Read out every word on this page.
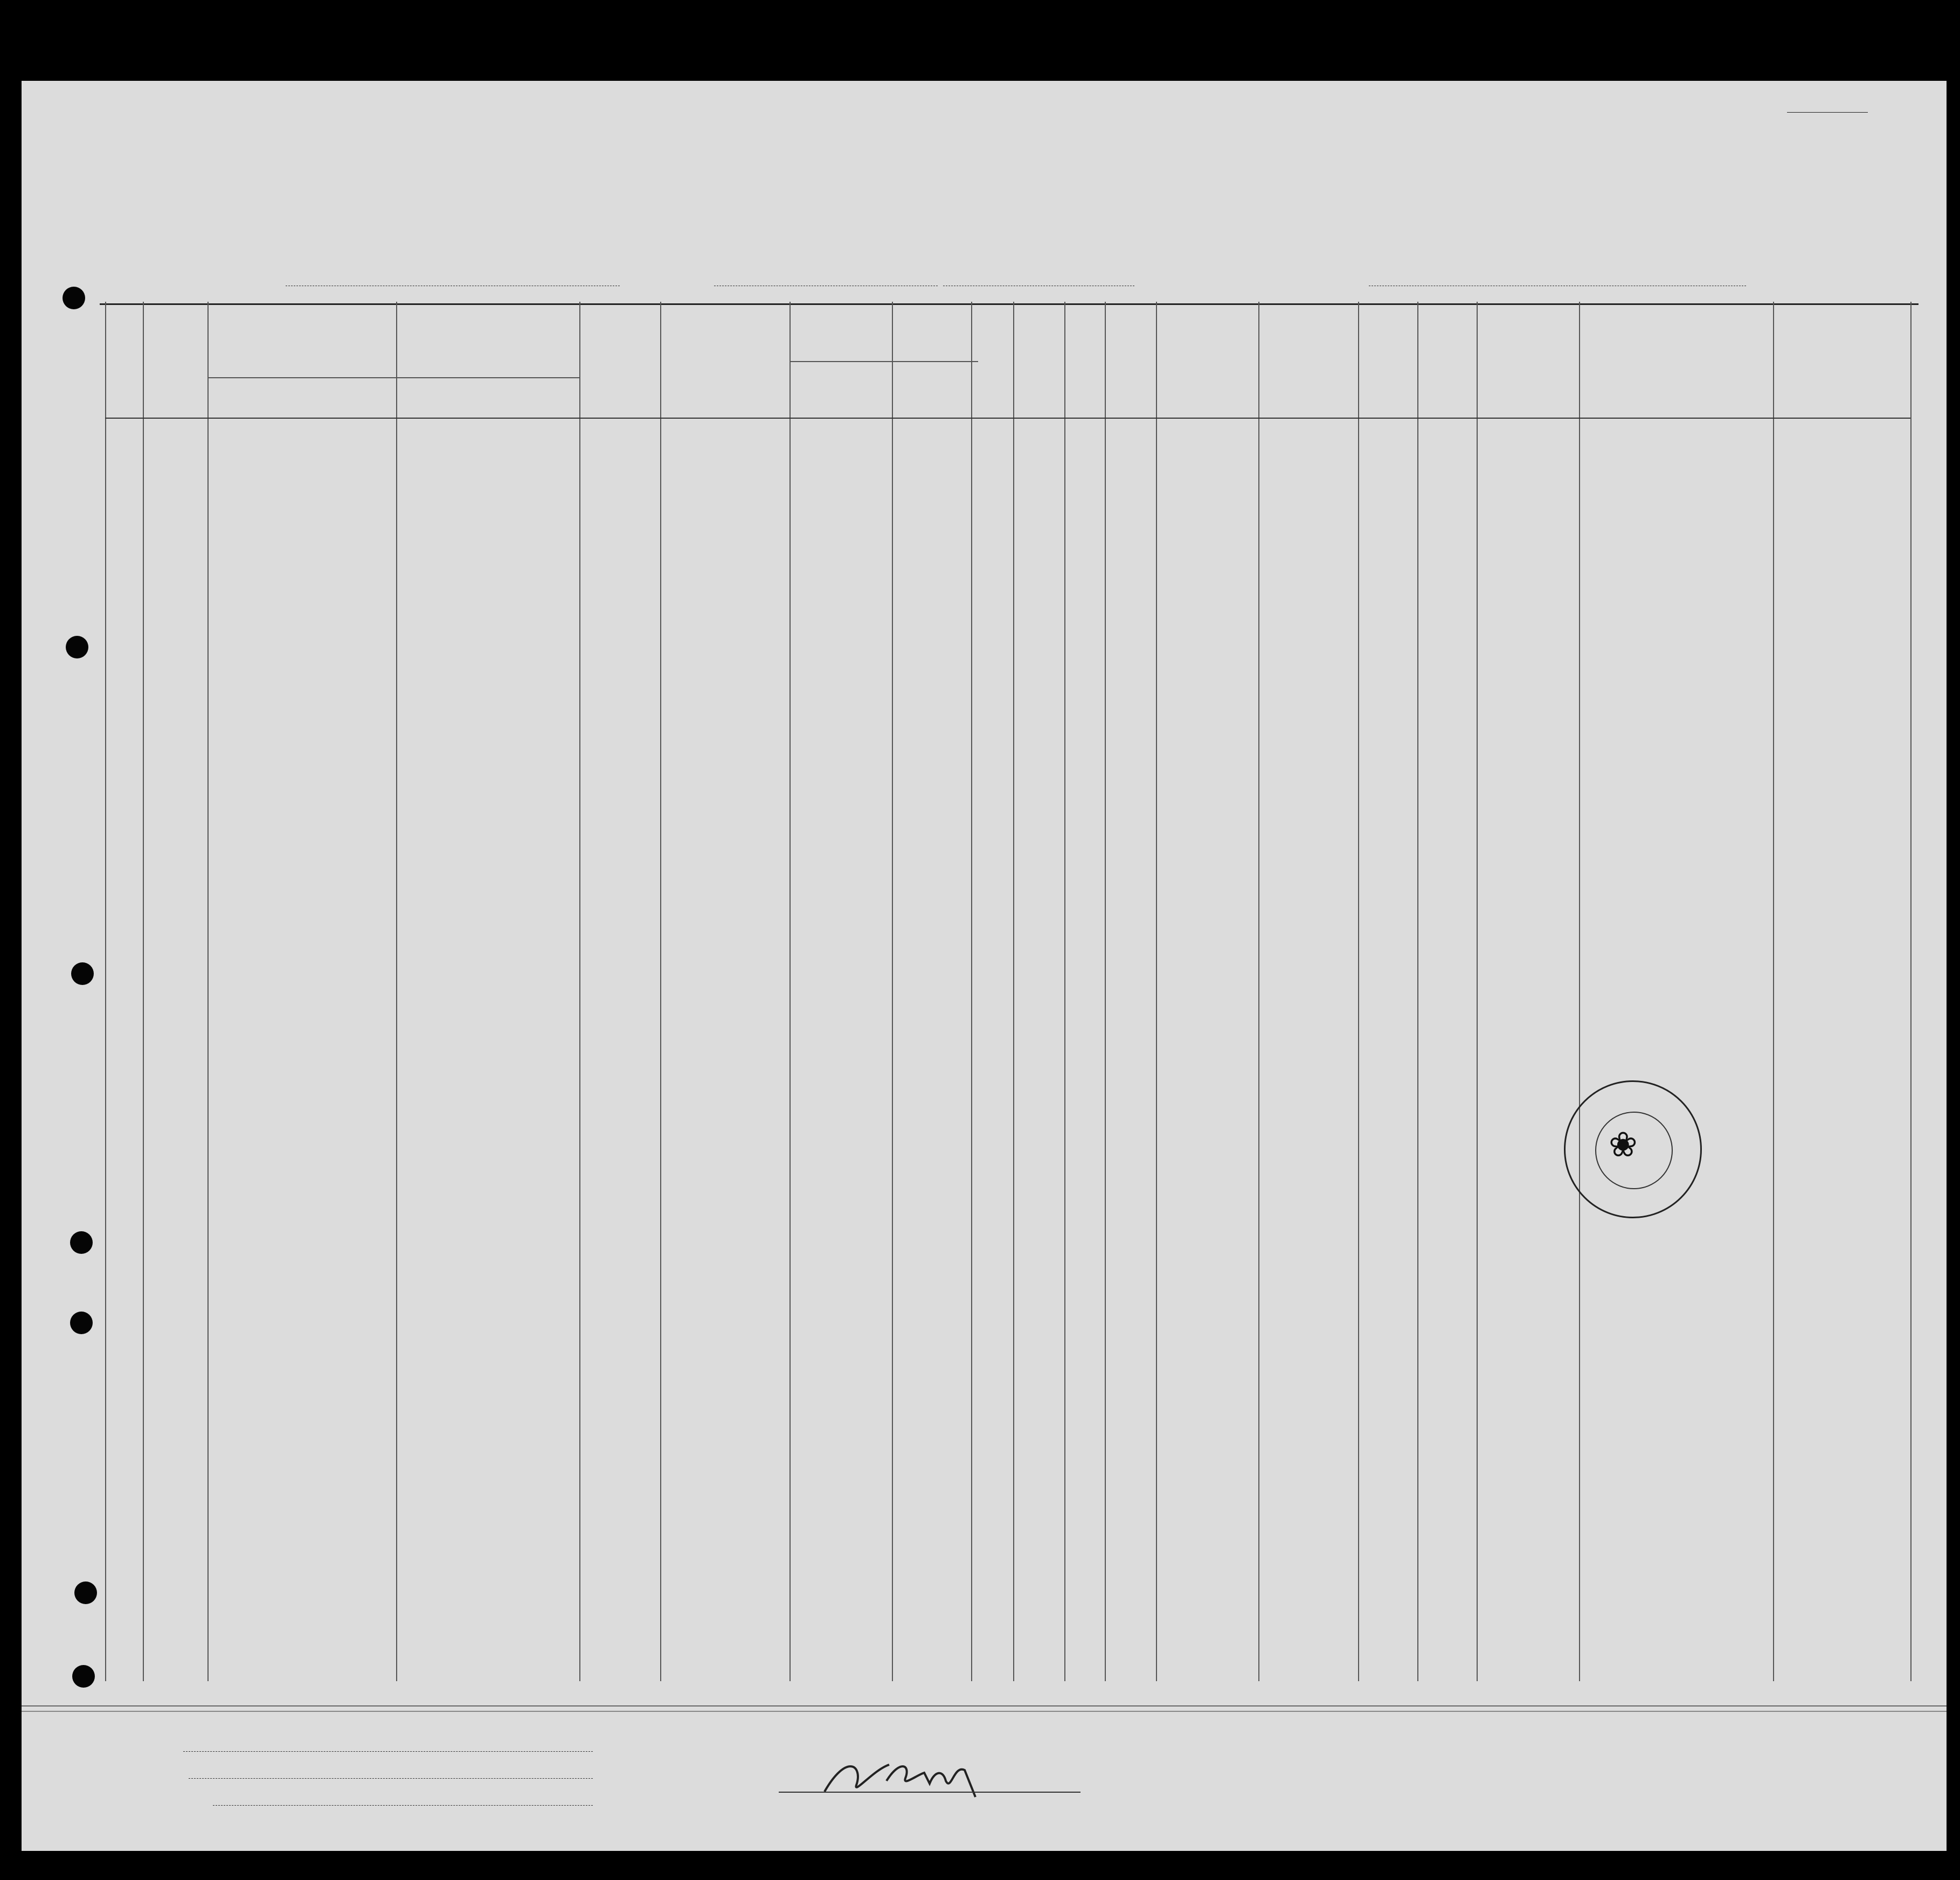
❀
